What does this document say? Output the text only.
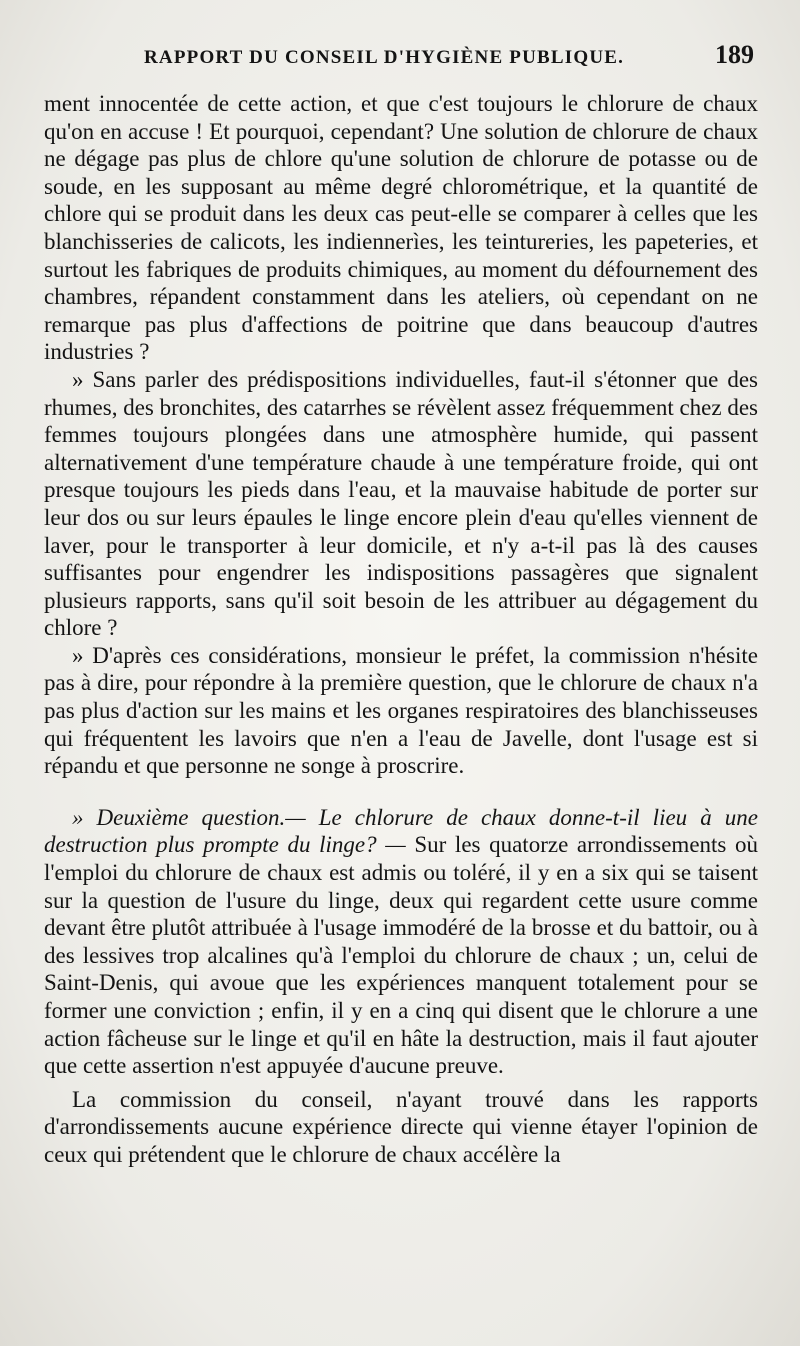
RAPPORT DU CONSEIL D'HYGIÈNE PUBLIQUE.	189

ment innocentée de cette action, et que c'est toujours le chlorure de chaux qu'on en accuse ! Et pourquoi, cependant? Une solution de chlorure de chaux ne dégage pas plus de chlore qu'une solution de chlorure de potasse ou de soude, en les supposant au même degré chlorométrique, et la quantité de chlore qui se produit dans les deux cas peut-elle se comparer à celles que les blanchisseries de calicots, les indiennerìes, les teintureries, les papeteries, et surtout les fabriques de produits chimiques, au moment du défournement des chambres, répandent constamment dans les ateliers, où cependant on ne remarque pas plus d'affections de poitrine que dans beaucoup d'autres industries ?

» Sans parler des prédispositions individuelles, faut-il s'étonner que des rhumes, des bronchites, des catarrhes se révèlent assez fréquemment chez des femmes toujours plongées dans une atmosphère humide, qui passent alternativement d'une température chaude à une température froide, qui ont presque toujours les pieds dans l'eau, et la mauvaise habitude de porter sur leur dos ou sur leurs épaules le linge encore plein d'eau qu'elles viennent de laver, pour le transporter à leur domicile, et n'y a-t-il pas là des causes suffisantes pour engendrer les indispositions passagères que signalent plusieurs rapports, sans qu'il soit besoin de les attribuer au dégagement du chlore ?

» D'après ces considérations, monsieur le préfet, la commission n'hésite pas à dire, pour répondre à la première question, que le chlorure de chaux n'a pas plus d'action sur les mains et les organes respiratoires des blanchisseuses qui fréquentent les lavoirs que n'en a l'eau de Javelle, dont l'usage est si répandu et que personne ne songe à proscrire.

» Deuxième question.— Le chlorure de chaux donne-t-il lieu à une destruction plus prompte du linge? — Sur les quatorze arrondissements où l'emploi du chlorure de chaux est admis ou toléré, il y en a six qui se taisent sur la question de l'usure du linge, deux qui regardent cette usure comme devant être plutôt attribuée à l'usage immodéré de la brosse et du battoir, ou à des lessives trop alcalines qu'à l'emploi du chlorure de chaux ; un, celui de Saint-Denis, qui avoue que les expériences manquent totalement pour se former une conviction ; enfin, il y en a cinq qui disent que le chlorure a une action fâcheuse sur le linge et qu'il en hâte la destruction, mais il faut ajouter que cette assertion n'est appuyée d'aucune preuve.

La commission du conseil, n'ayant trouvé dans les rapports d'arrondissements aucune expérience directe qui vienne étayer l'opinion de ceux qui prétendent que le chlorure de chaux accélère la
